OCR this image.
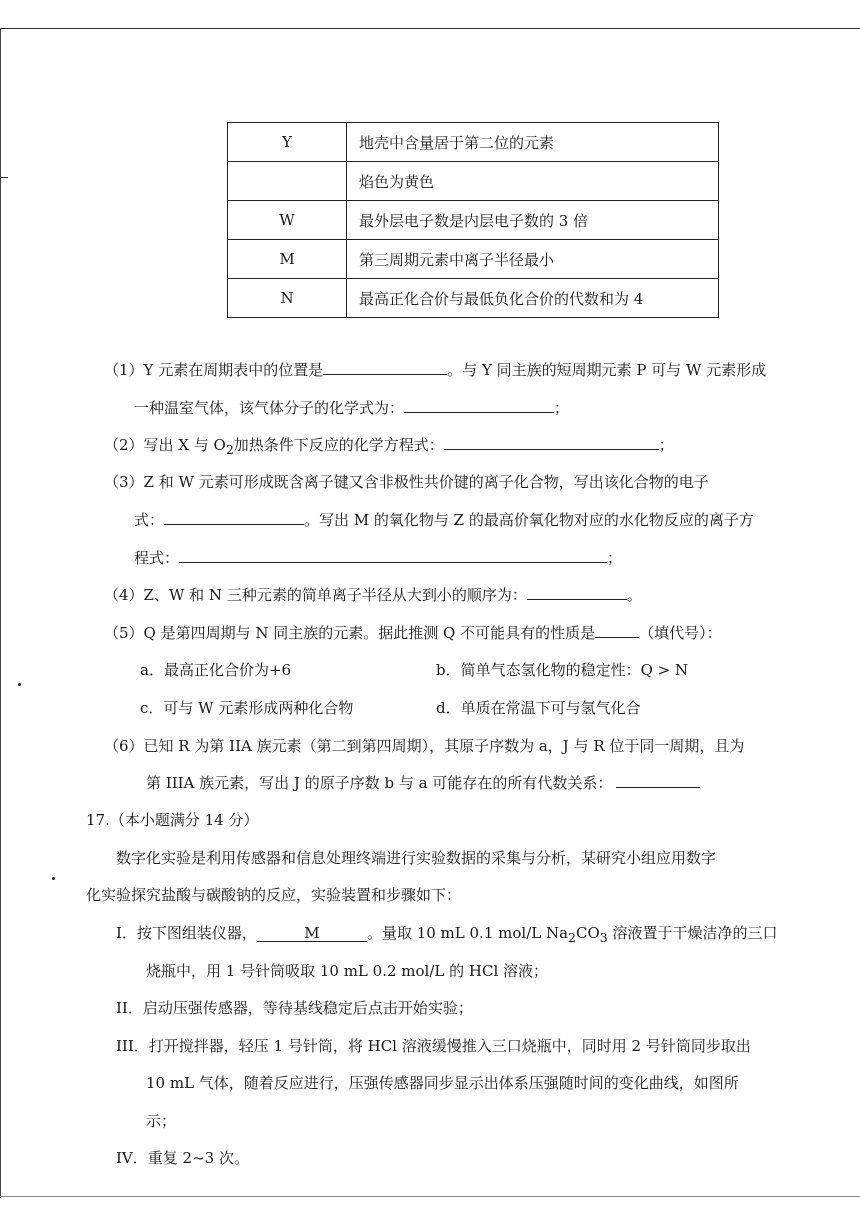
Y	地壳中含量居于第二位的元素
	焰色为黄色
W	最外层电子数是内层电子数的 3 倍
M	第三周期元素中离子半径最小
N	最高正化合价与最低负化合价的代数和为 4
（1）Y 元素在周期表中的位置是	。与 Y 同主族的短周期元素 P 可与 W 元素形成
一种温室气体，该气体分子的化学式为：	；
（2）写出 X 与 $O_2$加热条件下反应的化学方程式：	；
（3）Z 和 W 元素可形成既含离子键又含非极性共价键的离子化合物，写出该化合物的电子
式：	。写出 M 的氧化物与 Z 的最高价氧化物对应的水化物反应的离子方
程式：	；
（4）Z、W 和 N 三种元素的简单离子半径从大到小的顺序为：	。
（5）Q 是第四周期与 N 同主族的元素。据此推测 Q 不可能具有的性质是	（填代号）：
a．最高正化合价为+6	b．简单气态氢化物的稳定性：Q > N
c．可与 W 元素形成两种化合物	d．单质在常温下可与氢气化合
（6）已知 R 为第 IIA 族元素（第二到第四周期），其原子序数为 a，J 与 R 位于同一周期，且为
第 IIIA 族元素，写出 J 的原子序数 b 与 a 可能存在的所有代数关系：
17.（本小题满分 14 分）
数字化实验是利用传感器和信息处理终端进行实验数据的采集与分析，某研究小组应用数字
化实验探究盐酸与碳酸钠的反应，实验装置和步骤如下：
I．按下图组装仪器，	M	。量取 10 mL 0.1 mol/L $Na_2CO_3$ 溶液置于干燥洁净的三口
烧瓶中，用 1 号针筒吸取 10 mL 0.2 mol/L 的 HCl 溶液；
II．启动压强传感器，等待基线稳定后点击开始实验；
III．打开搅拌器，轻压 1 号针筒，将 HCl 溶液缓慢推入三口烧瓶中，同时用 2 号针筒同步取出
10 mL 气体，随着反应进行，压强传感器同步显示出体系压强随时间的变化曲线，如图所
示；
IV．重复 2~3 次。
